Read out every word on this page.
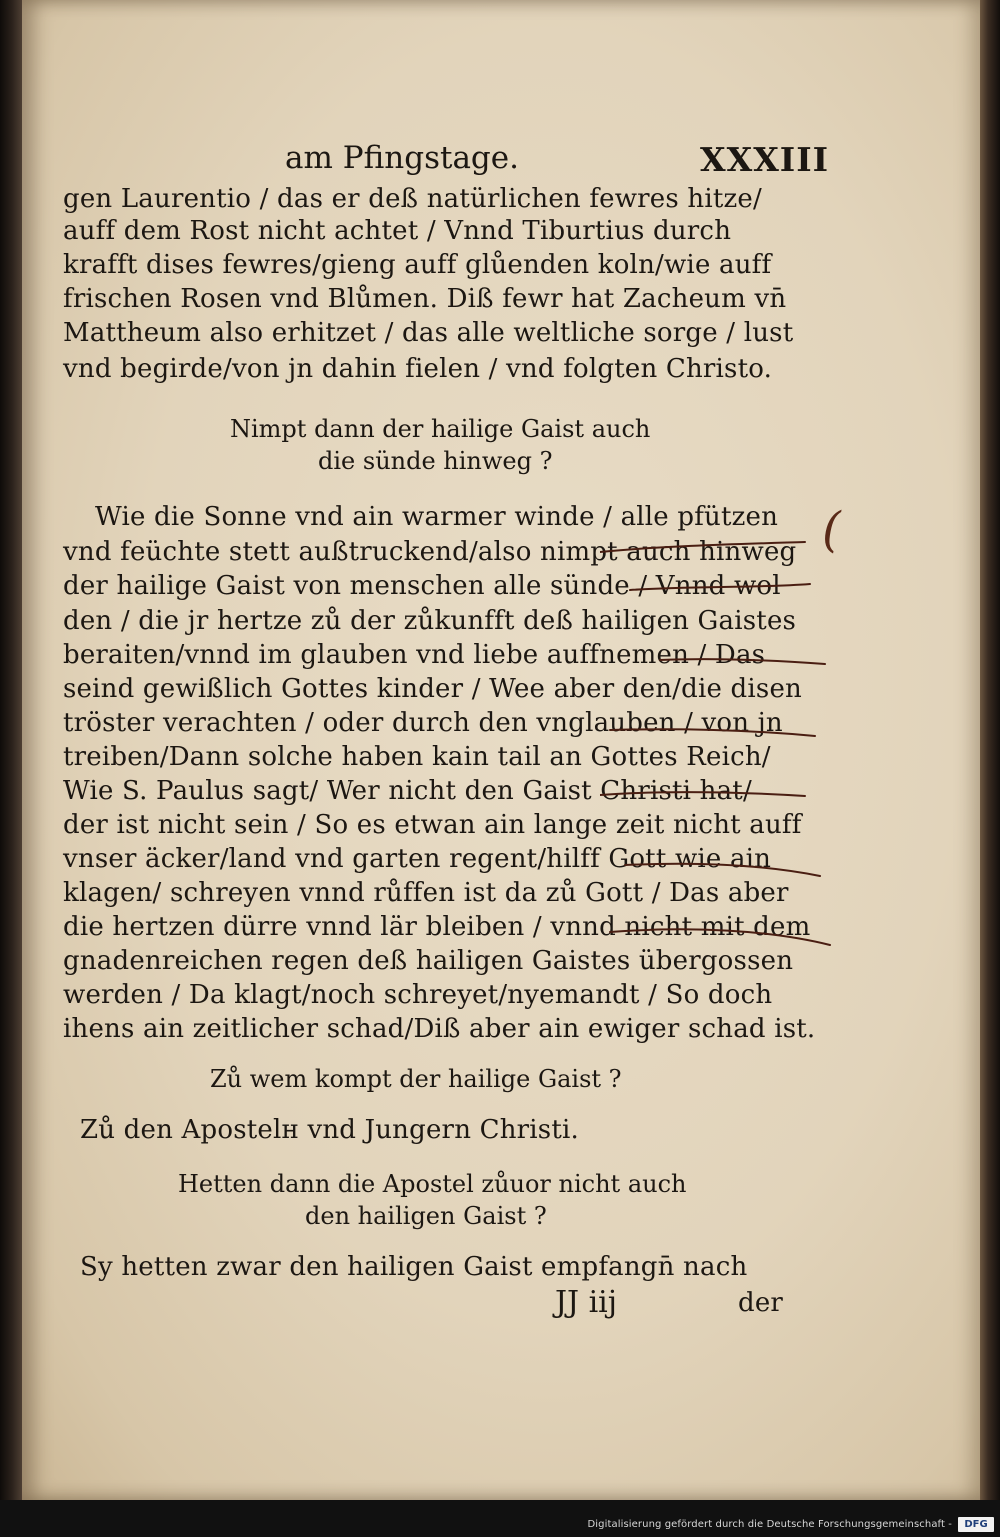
am Pfingstage.	XXXIII
gen Laurentio / das er deß natürlichen fewres hitze/
auff dem Rost nicht achtet / Vnnd Tiburtius durch
krafft dises fewres/gieng auff glůenden koln/wie auff
frischen Rosen vnd Blůmen. Diß fewr hat Zacheum vn̄
Mattheum also erhitzet / das alle weltliche sorge / lust
vnd begirde/von jn dahin fielen / vnd folgten Christo.
Nimpt dann der hailige Gaist auch
die sünde hinweg ?
Wie die Sonne vnd ain warmer winde / alle pfützen
vnd feüchte stett außtruckend/also nimpt auch hinweg
der hailige Gaist von menschen alle sünde / Vnnd wol
den / die jr hertze zů der zůkunfft deß hailigen Gaistes
beraiten/vnnd im glauben vnd liebe auffnemen / Das
seind gewißlich Gottes kinder / Wee aber den/die disen
tröster verachten / oder durch den vnglauben / von jn
treiben/Dann solche haben kain tail an Gottes Reich/
Wie S. Paulus sagt/ Wer nicht den Gaist Christi hat/
der ist nicht sein / So es etwan ain lange zeit nicht auff
vnser äcker/land vnd garten regent/hilff Gott wie ain
klagen/ schreyen vnnd růffen ist da zů Gott / Das aber
die hertzen dürre vnnd lär bleiben / vnnd nicht mit dem
gnadenreichen regen deß hailigen Gaistes übergossen
werden / Da klagt/noch schreyet/nyemandt / So doch
ihens ain zeitlicher schad/Diß aber ain ewiger schad ist.
Zů wem kompt der hailige Gaist ?
Zů den Apostelн vnd Jungern Christi.
Hetten dann die Apostel zůuor nicht auch
den hailigen Gaist ?
Sy hetten zwar den hailigen Gaist empfangn̄ nach
JJ iij	der
(
Digitalisierung gefördert durch die Deutsche Forschungsgemeinschaft -	DFG
